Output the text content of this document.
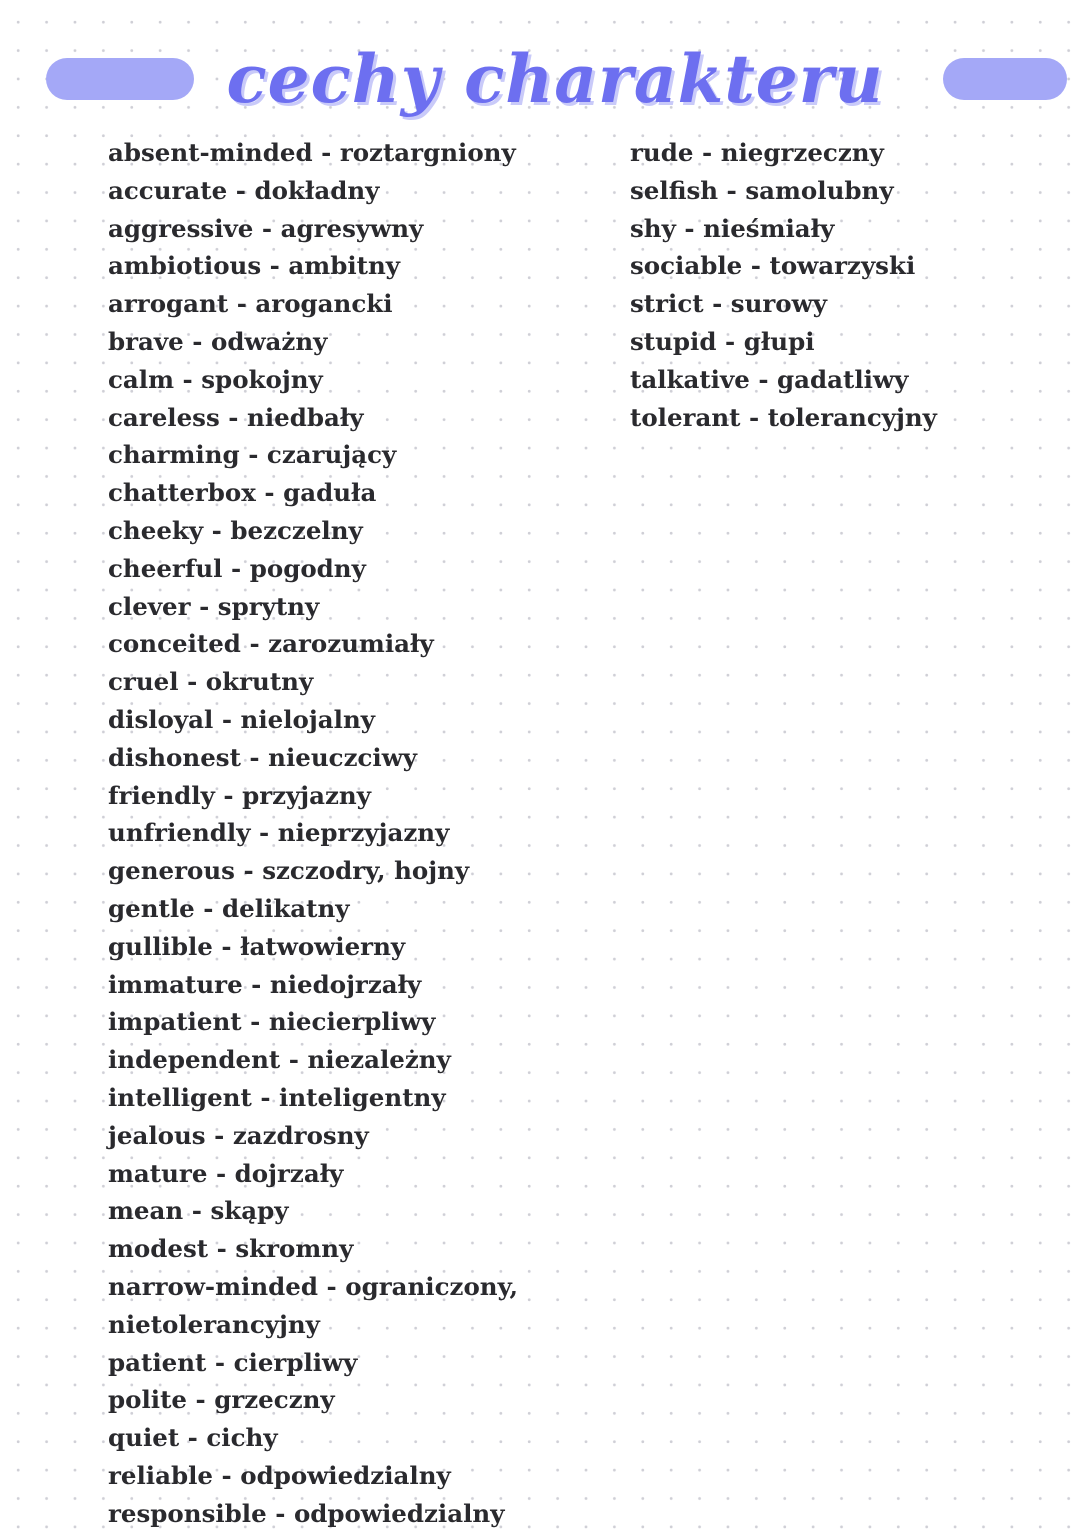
cechy charakteru
absent-minded - roztargniony
accurate - dokładny
aggressive - agresywny
ambiotious - ambitny
arrogant - arogancki
brave - odważny
calm - spokojny
careless - niedbały
charming - czarujący
chatterbox - gaduła
cheeky - bezczelny
cheerful - pogodny
clever - sprytny
conceited - zarozumiały
cruel - okrutny
disloyal - nielojalny
dishonest - nieuczciwy
friendly - przyjazny
unfriendly - nieprzyjazny
generous - szczodry, hojny
gentle - delikatny
gullible - łatwowierny
immature - niedojrzały
impatient - niecierpliwy
independent - niezależny
intelligent - inteligentny
jealous - zazdrosny
mature - dojrzały
mean - skąpy
modest - skromny
narrow-minded - ograniczony,
nietolerancyjny
patient - cierpliwy
polite - grzeczny
quiet - cichy
reliable - odpowiedzialny
responsible - odpowiedzialny
rude - niegrzeczny
selfish - samolubny
shy - nieśmiały
sociable - towarzyski
strict - surowy
stupid - głupi
talkative - gadatliwy
tolerant - tolerancyjny
